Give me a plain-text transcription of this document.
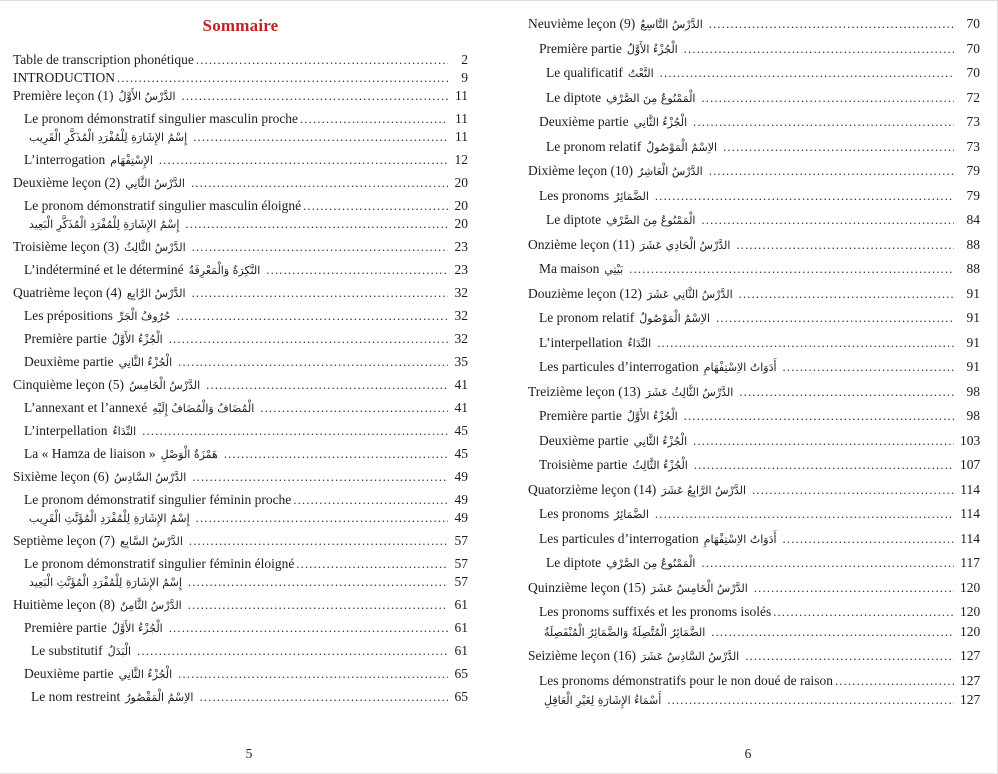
Sommaire
Table de transcription phonétique .....	2
INTRODUCTION .....	9
Première leçon (1) الدَّرْسُ الأَوَّلُ .....	11
Le pronom démonstratif singulier masculin proche .....	11
إِسْمُ الإِشَارَةِ لِلْمُفْرَدِ الْمُذَكَّرِ الْقَرِيب .....	11
L’interrogation الإِسْتِفْهَام .....	12
Deuxième leçon (2) الدَّرْسُ الثَّانِي .....	20
Le pronom démonstratif singulier masculin éloigné .....	20
إِسْمُ الإِشَارَةِ لِلْمُفْرَدِ الْمُذَكَّرِ الْبَعِيد .....	20
Troisième leçon (3) الدَّرْسُ الثَّالِثُ .....	23
L’indéterminé et le déterminé النَّكِرَةُ وَالْمَعْرِفَةُ .....	23
Quatrième leçon (4) الدَّرْسُ الرَّابِع .....	32
Les prépositions حُرُوفُ الْجَرِّ .....	32
Première partie الْجُزْءُ الأَوَّلُ .....	32
Deuxième partie الْجُزْءُ الثَّانِي .....	35
Cinquième leçon (5) الدَّرْسُ الْخَامِسُ .....	41
L’annexant et l’annexé الْمُضَافُ وَالْمُضَافُ إِلَيْهِ .....	41
L’interpellation النِّدَاءُ .....	45
La « Hamza de liaison » هَمْزَةُ الْوَصْلِ .....	45
Sixième leçon (6) الدَّرْسُ السَّادِسُ .....	49
Le pronom démonstratif singulier féminin proche .....	49
إِسْمُ الإِشَارَةِ لِلْمُفْرَدِ الْمُؤَنَّثِ الْقَرِيب .....	49
Septième leçon (7) الدَّرْسُ السَّابِع .....	57
Le pronom démonstratif singulier féminin éloigné .....	57
إِسْمُ الإِشَارَةِ لِلْمُفْرَدِ الْمُؤَنَّثِ الْبَعِيد .....	57
Huitième leçon (8) الدَّرْسُ الثَّامِنُ .....	61
Première partie الْجُزْءُ الأَوَّلُ .....	61
Le substitutif الْبَدَلُ .....	61
Deuxième partie الْجُزْءُ الثَّانِي .....	65
Le nom restreint الاِسْمُ الْمَقْصُورُ .....	65
5
Neuvième leçon (9) الدَّرْسُ التَّاسِعُ .....	70
Première partie الْجُزْءُ الأَوَّلُ .....	70
Le qualificatif النَّعْتُ .....	70
Le diptote الْمَمْنُوعُ مِنَ الصَّرْفِ .....	72
Deuxième partie الْجُزْءُ الثَّانِي .....	73
Le pronom relatif الاِسْمُ الْمَوْصُولُ .....	73
Dixième leçon (10) الدَّرْسُ الْعَاشِرُ .....	79
Les pronoms الضَّمَائِرُ .....	79
Le diptote الْمَمْنُوعُ مِنَ الصَّرْفِ .....	84
Onzième leçon (11) الدَّرْسُ الْحَادِي عَشَرَ .....	88
Ma maison بَيْتِي .....	88
Douzième leçon (12) الدَّرْسُ الثَّانِي عَشَرَ .....	91
Le pronom relatif الاِسْمُ الْمَوْصُولُ .....	91
L’interpellation النِّدَاءُ .....	91
Les particules d’interrogation أَدَوَاتُ الاِسْتِفْهَامِ .....	91
Treizième leçon (13) الدَّرْسُ الثَّالِثُ عَشَرَ .....	98
Première partie الْجُزْءُ الأَوَّلُ .....	98
Deuxième partie الْجُزْءُ الثَّانِي .....	103
Troisième partie الْجُزْءُ الثَّالِثُ .....	107
Quatorzième leçon (14) الدَّرْسُ الرَّابِعُ عَشَرَ .....	114
Les pronoms الضَّمَائِرُ .....	114
Les particules d’interrogation أَدَوَاتُ الاِسْتِفْهَامِ .....	114
Le diptote الْمَمْنُوعُ مِنَ الصَّرْفِ .....	117
Quinzième leçon (15) الدَّرْسُ الْخَامِسُ عَشَرَ .....	120
Les pronoms suffixés et les pronoms isolés .....	120
الضَّمَائِرُ الْمُتَّصِلَةُ وَالضَّمَائِرُ الْمُنْفَصِلَةُ .....	120
Seizième leçon (16) الدَّرْسُ السَّادِسُ عَشَرَ .....	127
Les pronoms démonstratifs pour le non doué de raison .....	127
أَسْمَاءُ الإِشَارَةِ لِغَيْرِ الْعَاقِلِ .....	127
6
